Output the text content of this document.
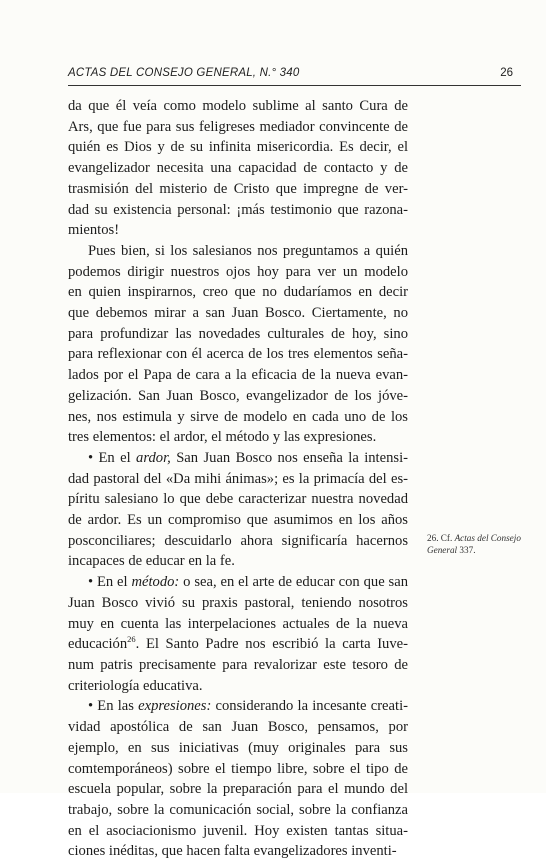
ACTAS DEL CONSEJO GENERAL, N.° 340	26
da que él veía como modelo sublime al santo Cura de
Ars, que fue para sus feligreses mediador convincente de
quién es Dios y de su infinita misericordia. Es decir, el
evangelizador necesita una capacidad de contacto y de
trasmisión del misterio de Cristo que impregne de ver-
dad su existencia personal: ¡más testimonio que razona-
mientos!
Pues bien, si los salesianos nos preguntamos a quién
podemos dirigir nuestros ojos hoy para ver un modelo
en quien inspirarnos, creo que no dudaríamos en decir
que debemos mirar a san Juan Bosco. Ciertamente, no
para profundizar las novedades culturales de hoy, sino
para reflexionar con él acerca de los tres elementos seña-
lados por el Papa de cara a la eficacia de la nueva evan-
gelización. San Juan Bosco, evangelizador de los jóve-
nes, nos estimula y sirve de modelo en cada uno de los
tres elementos: el ardor, el método y las expresiones.
• En el ardor, San Juan Bosco nos enseña la intensi-
dad pastoral del «Da mihi ánimas»; es la primacía del es-
píritu salesiano lo que debe caracterizar nuestra novedad
de ardor. Es un compromiso que asumimos en los años
posconciliares; descuidarlo ahora significaría hacernos
incapaces de educar en la fe.
• En el método: o sea, en el arte de educar con que san
Juan Bosco vivió su praxis pastoral, teniendo nosotros
muy en cuenta las interpelaciones actuales de la nueva
educación$^{26}$. El Santo Padre nos escribió la carta Iuve-
num patris precisamente para revalorizar este tesoro de
criteriología educativa.
• En las expresiones: considerando la incesante creati-
vidad apostólica de san Juan Bosco, pensamos, por
ejemplo, en sus iniciativas (muy originales para sus
comtemporáneos) sobre el tiempo libre, sobre el tipo de
escuela popular, sobre la preparación para el mundo del
trabajo, sobre la comunicación social, sobre la confianza
en el asociacionismo juvenil. Hoy existen tantas situa-
ciones inéditas, que hacen falta evangelizadores inventi-
26. Cf. Actas del Consejo General 337.
